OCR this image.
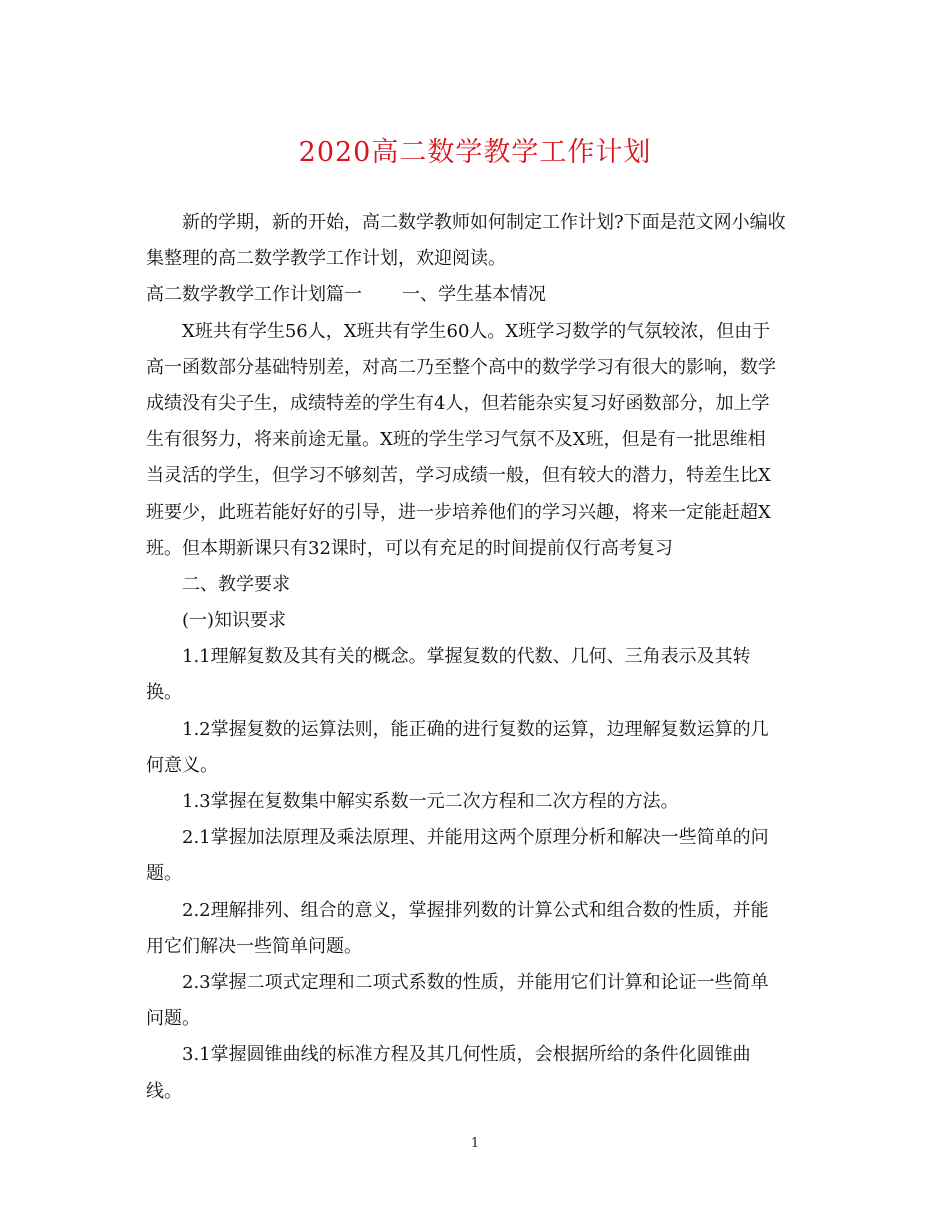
2020高二数学教学工作计划
新的学期，新的开始，高二数学教师如何制定工作计划?下面是范文网小编收
集整理的高二数学教学工作计划，欢迎阅读。
高二数学教学工作计划篇一 一、学生基本情况
X班共有学生56人，X班共有学生60人。X班学习数学的气氛较浓，但由于
高一函数部分基础特别差，对高二乃至整个高中的数学学习有很大的影响，数学
成绩没有尖子生，成绩特差的学生有4人，但若能杂实复习好函数部分，加上学
生有很努力，将来前途无量。X班的学生学习气氛不及X班，但是有一批思维相
当灵活的学生，但学习不够刻苦，学习成绩一般，但有较大的潜力，特差生比X
班要少，此班若能好好的引导，进一步培养他们的学习兴趣，将来一定能赶超X
班。但本期新课只有32课时，可以有充足的时间提前仅行高考复习
二、教学要求
(一)知识要求
1.1理解复数及其有关的概念。掌握复数的代数、几何、三角表示及其转
换。
1.2掌握复数的运算法则，能正确的进行复数的运算，边理解复数运算的几
何意义。
1.3掌握在复数集中解实系数一元二次方程和二次方程的方法。
2.1掌握加法原理及乘法原理、并能用这两个原理分析和解决一些简单的问
题。
2.2理解排列、组合的意义，掌握排列数的计算公式和组合数的性质，并能
用它们解决一些简单问题。
2.3掌握二项式定理和二项式系数的性质，并能用它们计算和论证一些简单
问题。
3.1掌握圆锥曲线的标准方程及其几何性质，会根据所给的条件化圆锥曲
线。
1
